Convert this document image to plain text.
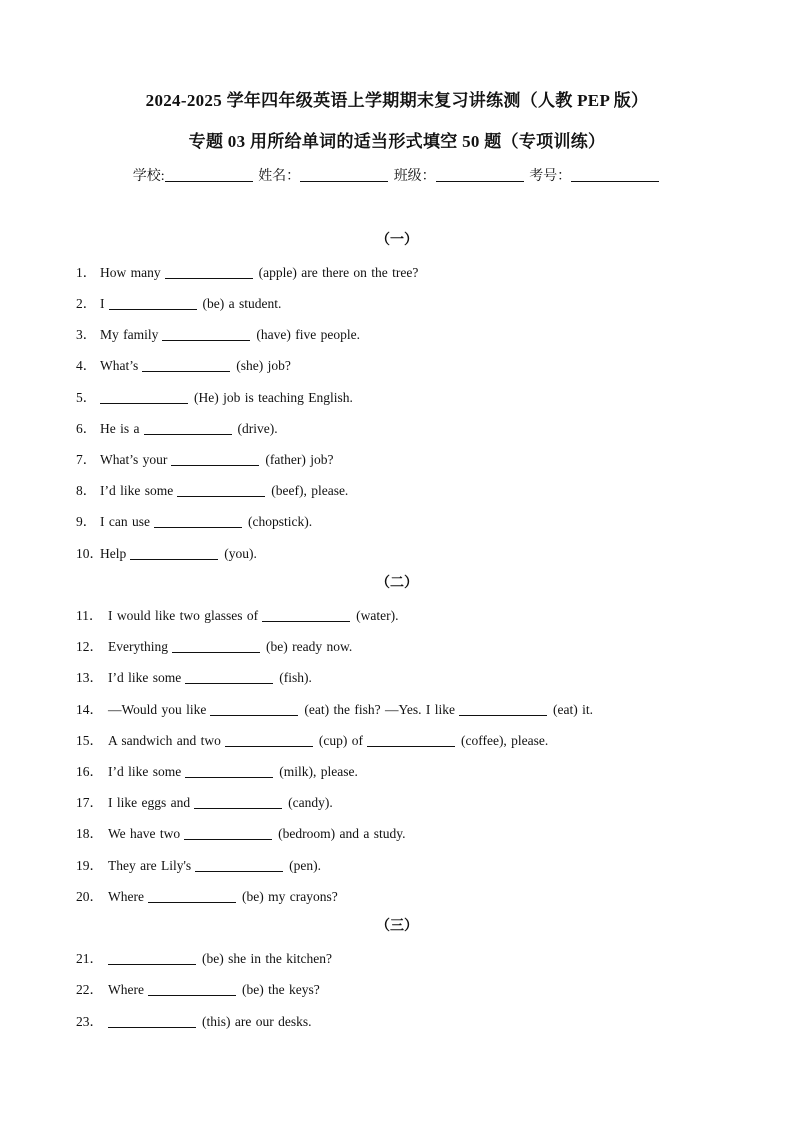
2024-2025 学年四年级英语上学期期末复习讲练测（人教 PEP 版）
专题 03 用所给单词的适当形式填空 50 题（专项训练）
学校:	姓名：	班级：	考号：
（一）
1． How many	(apple) are there on the tree?
2． I	(be) a student.
3． My family	(have) five people.
4． What’s	(she) job?
5．	(He) job is teaching English.
6． He is a	(drive).
7． What’s your	(father) job?
8． I’d like some	(beef), please.
9． I can use	(chopstick).
10．Help	(you).
（二）
11． I would like two glasses of	(water).
12． Everything	(be) ready now.
13． I’d like some	(fish).
14． —Would you like	(eat) the fish? —Yes. I like	(eat) it.
15． A sandwich and two	(cup) of	(coffee), please.
16． I’d like some	(milk), please.
17． I like eggs and	(candy).
18． We have two	(bedroom) and a study.
19． They are Lily's	(pen).
20． Where	(be) my crayons?
（三）
21．	(be) she in the kitchen?
22． Where	(be) the keys?
23．	(this) are our desks.
